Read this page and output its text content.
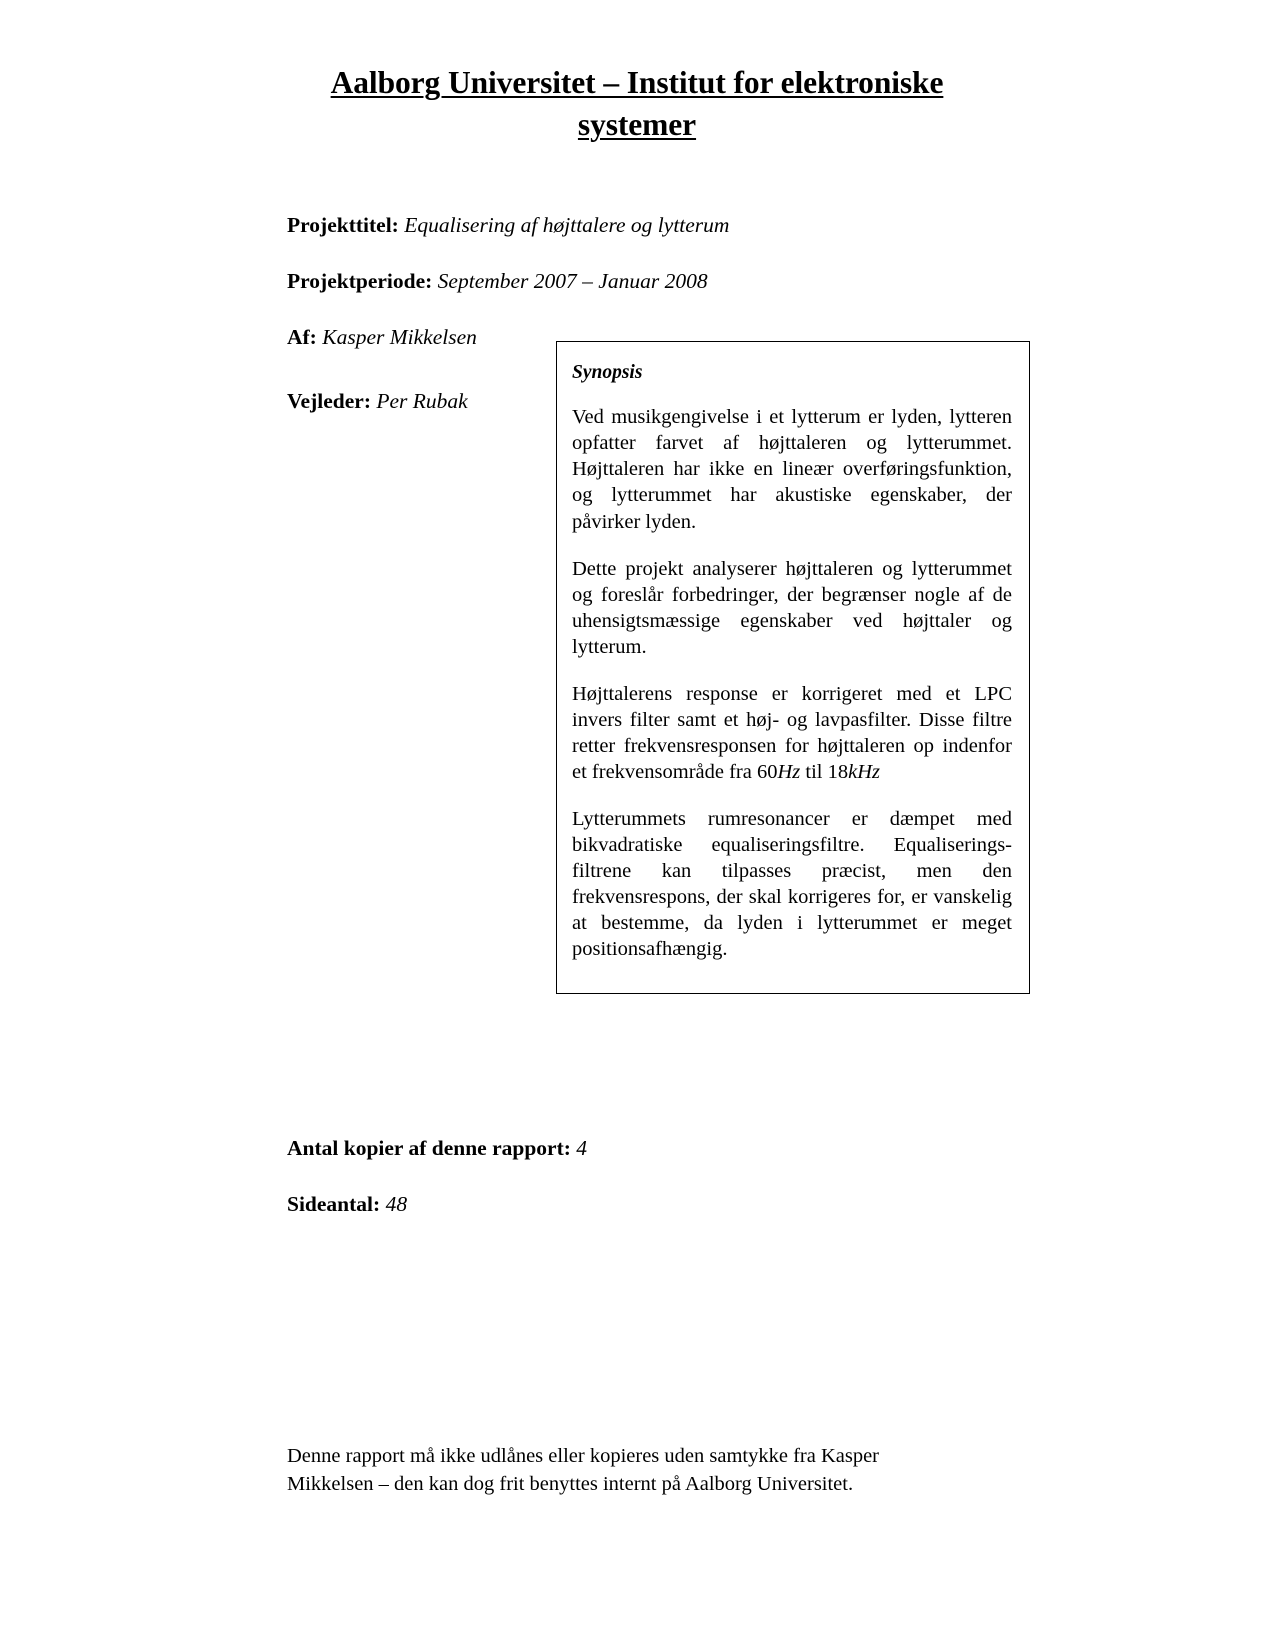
Aalborg Universitet – Institut for elektroniske
systemer
Projekttitel: Equalisering af højttalere og lytterum
Projektperiode: September 2007 – Januar 2008
Af: Kasper Mikkelsen
Vejleder: Per Rubak
Synopsis

Ved musikgengivelse i et lytterum er lyden, lytteren opfatter farvet af højttaleren og lytterummet. Højttaleren har ikke en lineær overføringsfunktion, og lytterummet har akustiske egenskaber, der påvirker lyden.

Dette projekt analyserer højttaleren og lytterummet og foreslår forbedringer, der begrænser nogle af de uhensigtsmæssige egenskaber ved højttaler og lytterum.

Højttalerens response er korrigeret med et LPC invers filter samt et høj- og lavpasfilter. Disse filtre retter frekvensresponsen for højttaleren op indenfor et frekvensområde fra 60Hz til 18kHz

Lytterummets rumresonancer er dæmpet med bikvadratiske equaliseringsfiltre. Equaliserings-filtrene kan tilpasses præcist, men den frekvensrespons, der skal korrigeres for, er vanskelig at bestemme, da lyden i lytterummet er meget positionsafhængig.

Antal kopier af denne rapport: 4
Sideantal: 48
Denne rapport må ikke udlånes eller kopieres uden samtykke fra Kasper
Mikkelsen – den kan dog frit benyttes internt på Aalborg Universitet.
